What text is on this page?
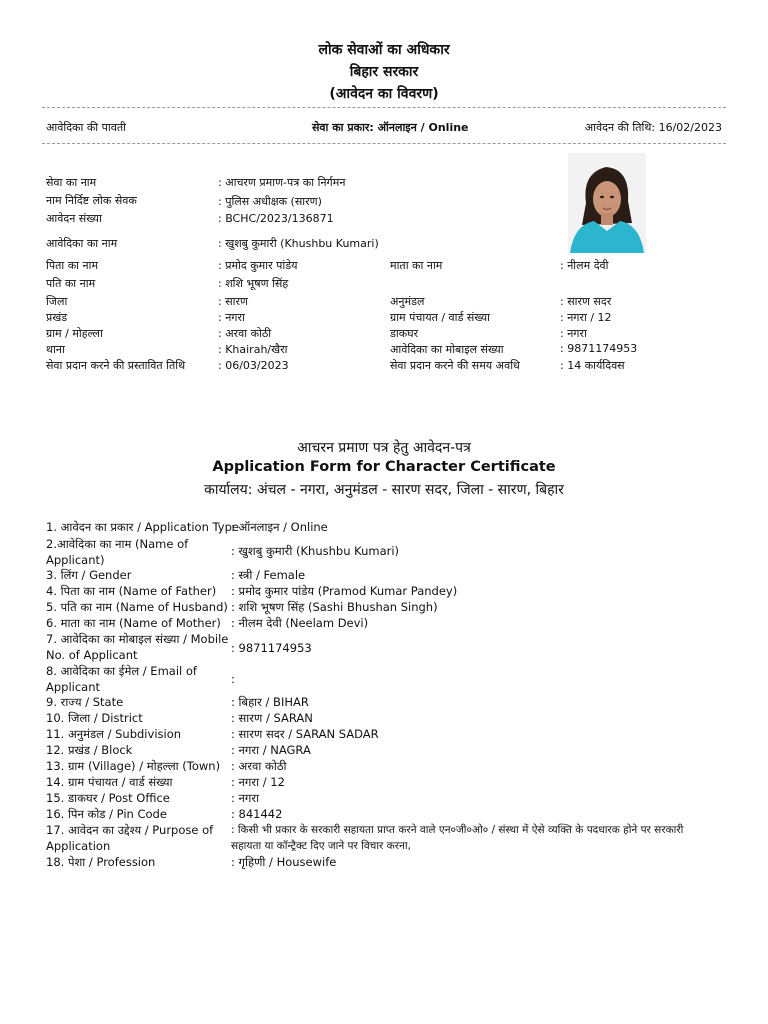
लोक सेवाओं का अधिकार
बिहार सरकार
(आवेदन का विवरण)
आवेदिका की पावती	सेवा का प्रकार: ऑनलाइन / Online	आवेदन की तिथि: 16/02/2023
सेवा का नाम	: आचरण प्रमाण-पत्र का निर्गमन
नाम निर्दिष्ट लोक सेवक	: पुलिस अधीक्षक (सारण)
आवेदन संख्या	: BCHC/2023/136871
आवेदिका का नाम	: खुशबु कुमारी (Khushbu Kumari)
पिता का नाम	: प्रमोद कुमार पांडेय	माता का नाम	: नीलम देवी
पति का नाम	: शशि भूषण सिंह
जिला	: सारण	अनुमंडल	: सारण सदर
प्रखंड	: नगरा	ग्राम पंचायत / वार्ड संख्या	: नगरा / 12
ग्राम / मोहल्ला	: अरवा कोठी	डाकघर	: नगरा
थाना	: Khairah/खैरा	आवेदिका का मोबाइल संख्या	: 9871174953
सेवा प्रदान करने की प्रस्तावित तिथि	: 06/03/2023	सेवा प्रदान करने की समय अवधि	: 14 कार्यदिवस
आचरन प्रमाण पत्र हेतु आवेदन-पत्र
Application Form for Character Certificate
कार्यालय: अंचल - नगरा, अनुमंडल - सारण सदर, जिला - सारण, बिहार
1. आवेदन का प्रकार / Application Type
: ऑनलाइन / Online
2.आवेदिका का नाम (Name of
Applicant)
: खुशबु कुमारी (Khushbu Kumari)
3. लिंग / Gender	: स्त्री / Female
4. पिता का नाम (Name of Father) : प्रमोद कुमार पांडेय (Pramod Kumar Pandey)
5. पति का नाम (Name of Husband) : शशि भूषण सिंह (Sashi Bhushan Singh)
6. माता का नाम (Name of Mother) : नीलम देवी (Neelam Devi)
7. आवेदिका का मोबाइल संख्या / Mobile
No. of Applicant	: 9871174953
8. आवेदिका का ईमेल / Email of
Applicant
:
9. राज्य / State	: बिहार / BIHAR
10. जिला / District	: सारण / SARAN
11. अनुमंडल / Subdivision	: सारण सदर / SARAN SADAR
12. प्रखंड / Block	: नगरा / NAGRA
13. ग्राम (Village) / मोहल्ला (Town) : अरवा कोठी
14. ग्राम पंचायत / वार्ड संख्या	: नगरा / 12
15. डाकघर / Post Office	: नगरा
16. पिन कोड / Pin Code	: 841442
17. आवेदन का उद्देश्य / Purpose of
Application
: किसी भी प्रकार के सरकारी सहायता प्राप्त करने वाले एन०जी०ओ० / संस्था में ऐसे व्यक्ति के पदधारक होने पर सरकारी
सहायता या कॉन्ट्रैक्ट दिए जाने पर विचार करना,
18. पेशा / Profession	: गृहिणी / Housewife
